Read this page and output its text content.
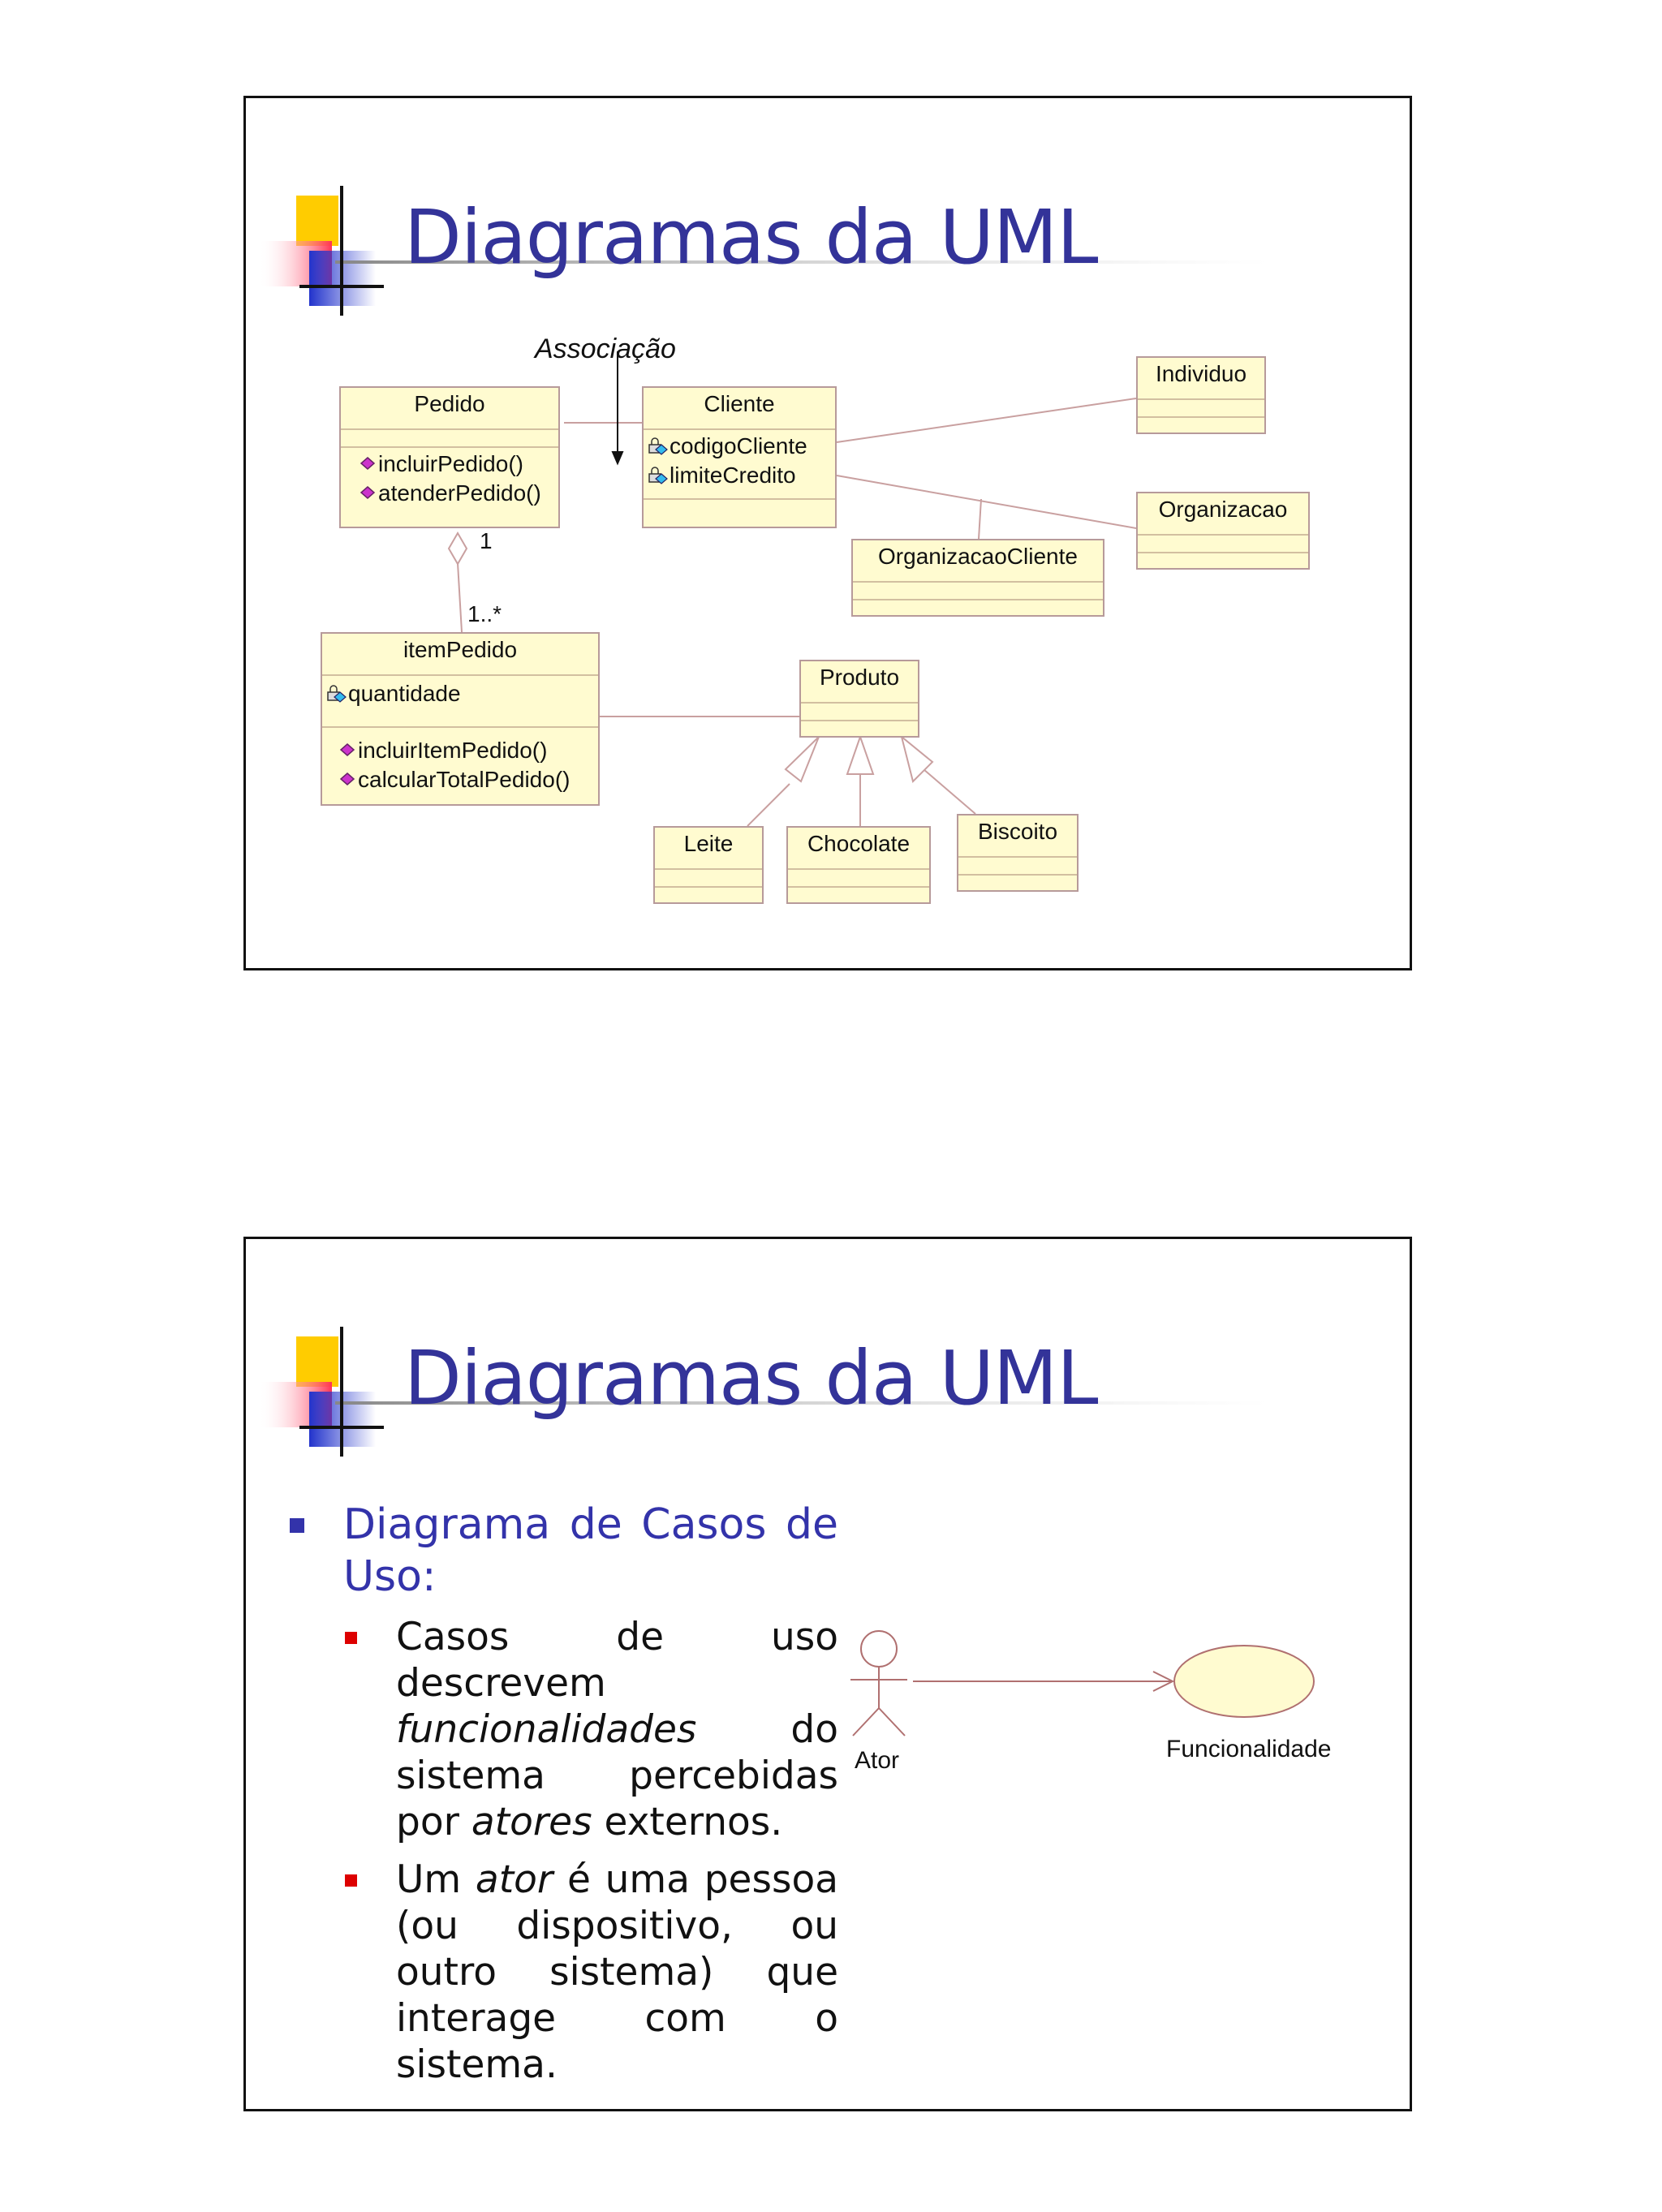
Diagramas da UML
Associação
1
1..*
Pedido
incluirPedido()
atenderPedido()
Cliente
codigoCliente
limiteCredito
Individuo
Organizacao
OrganizacaoCliente
itemPedido
quantidade
incluirItemPedido()
calcularTotalPedido()
Produto
Leite	Chocolate	Biscoito
Diagramas da UML
Diagrama de Casos de Uso:
Casos de uso descrevem funcionalidades do sistema percebidas por atores externos.
Um ator é uma pessoa (ou dispositivo, ou outro sistema) que interage com o sistema.
Ator	Funcionalidade
